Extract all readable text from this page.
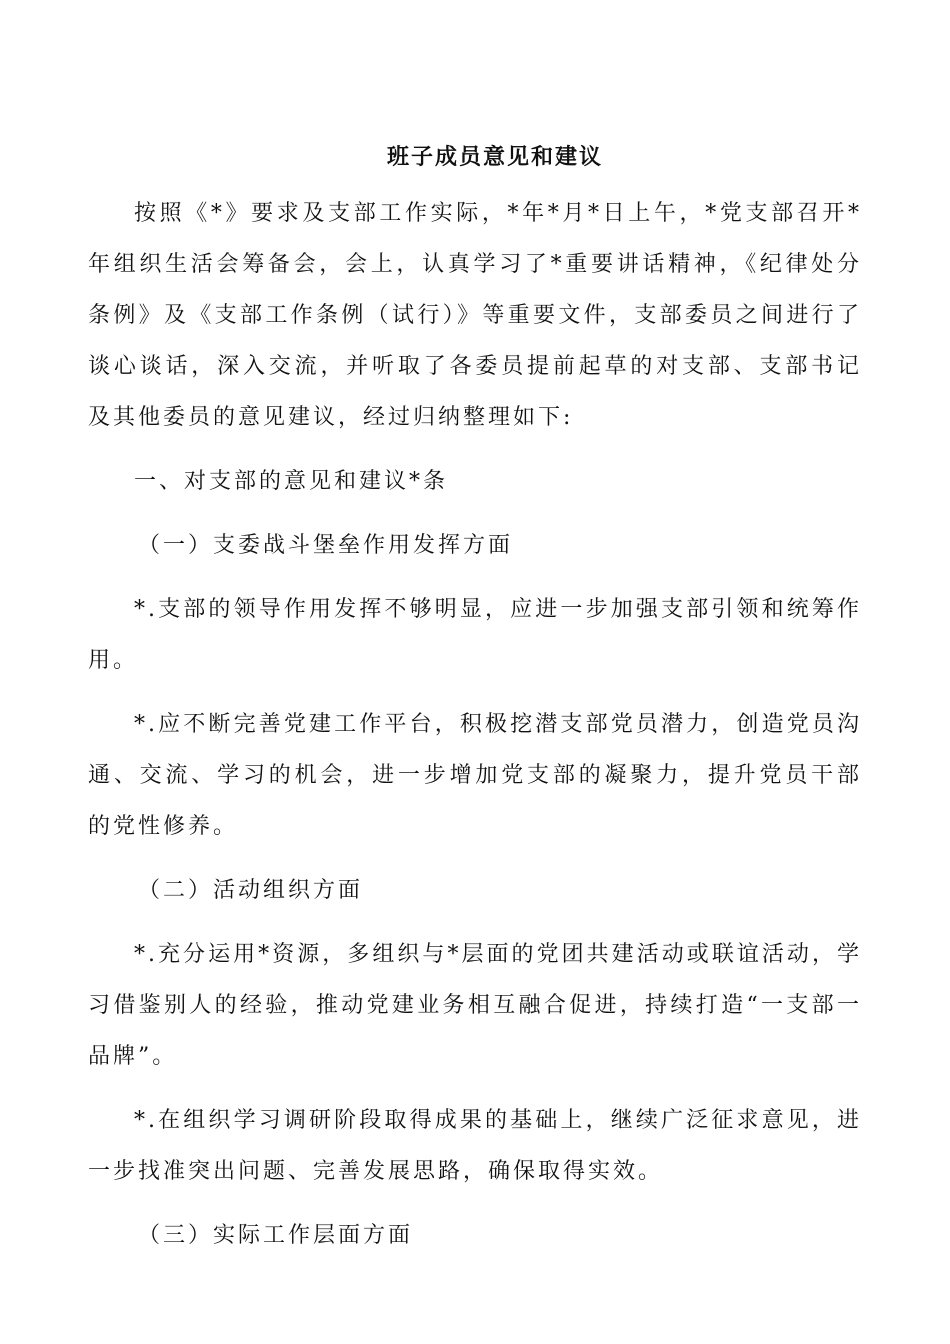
班子成员意见和建议

按照《*》要求及支部工作实际，*年*月*日上午，*党支部召开*年组织生活会筹备会，会上，认真学习了*重要讲话精神，《纪律处分条例》及《支部工作条例（试行）》等重要文件，支部委员之间进行了谈心谈话，深入交流，并听取了各委员提前起草的对支部、支部书记及其他委员的意见建议，经过归纳整理如下:

一、对支部的意见和建议*条

（一）支委战斗堡垒作用发挥方面

*.支部的领导作用发挥不够明显，应进一步加强支部引领和统筹作用。

*.应不断完善党建工作平台，积极挖潜支部党员潜力，创造党员沟通、交流、学习的机会，进一步增加党支部的凝聚力，提升党员干部的党性修养。

（二）活动组织方面

*.充分运用*资源，多组织与*层面的党团共建活动或联谊活动，学习借鉴别人的经验，推动党建业务相互融合促进，持续打造“一支部一品牌”。

*.在组织学习调研阶段取得成果的基础上，继续广泛征求意见，进一步找准突出问题、完善发展思路，确保取得实效。

（三）实际工作层面方面
